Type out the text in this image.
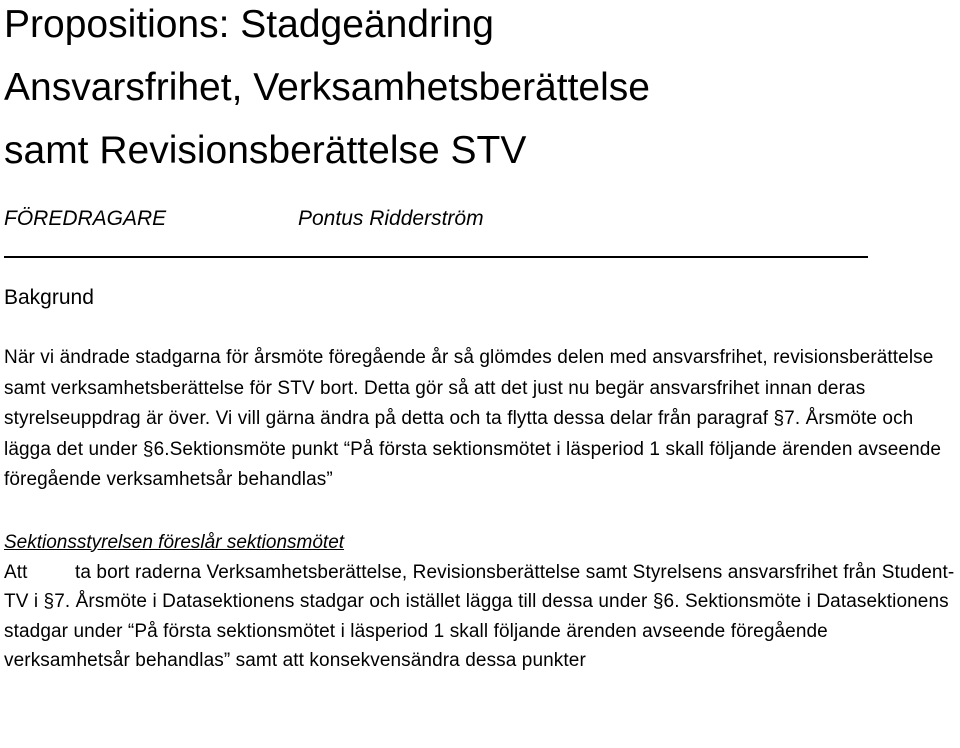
Propositions: Stadgeändring
Ansvarsfrihet, Verksamhetsberättelse
samt Revisionsberättelse STV
FÖREDRAGARE	Pontus Ridderström
Bakgrund

När vi ändrade stadgarna för årsmöte föregående år så glömdes delen med ansvarsfrihet, revisionsberättelse samt verksamhetsberättelse för STV bort. Detta gör så att det just nu begär ansvarsfrihet innan deras styrelseuppdrag är över. Vi vill gärna ändra på detta och ta flytta dessa delar från paragraf §7. Årsmöte och lägga det under §6.Sektionsmöte punkt “På första sektionsmötet i läsperiod 1 skall följande ärenden avseende föregående verksamhetsår behandlas”

Sektionsstyrelsen föreslår sektionsmötet

Att ta bort raderna Verksamhetsberättelse, Revisionsberättelse samt Styrelsens ansvarsfrihet från Student-TV i §7. Årsmöte i Datasektionens stadgar och istället lägga till dessa under §6. Sektionsmöte i Datasektionens stadgar under “På första sektionsmötet i läsperiod 1 skall följande ärenden avseende föregående verksamhetsår behandlas” samt att konsekvensändra dessa punkter
